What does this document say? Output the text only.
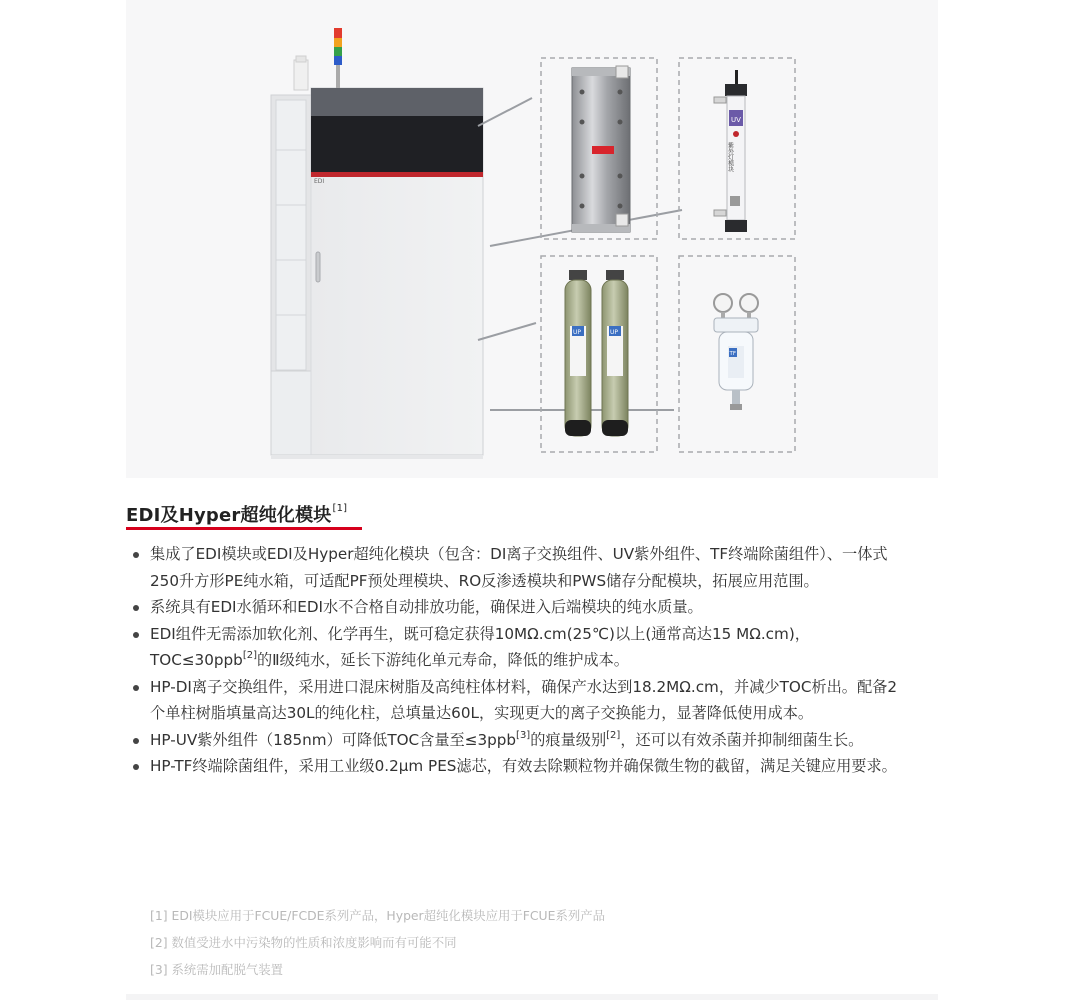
EDI
UV
紫外灯模块
UP	UP
TF
EDI及Hyper超纯化模块[1]
集成了EDI模块或EDI及Hyper超纯化模块（包含：DI离子交换组件、UV紫外组件、TF终端除菌组件）、一体式250升方形PE纯水箱，可适配PF预处理模块、RO反渗透模块和PWS储存分配模块，拓展应用范围。
系统具有EDI水循环和EDI水不合格自动排放功能，确保进入后端模块的纯水质量。
EDI组件无需添加软化剂、化学再生，既可稳定获得10MΩ.cm(25℃)以上(通常高达15 MΩ.cm)，TOC≤30ppb[2]的Ⅱ级纯水，延长下游纯化单元寿命，降低的维护成本。
HP-DI离子交换组件，采用进口混床树脂及高纯柱体材料，确保产水达到18.2MΩ.cm，并减少TOC析出。配备2个单柱树脂填量高达30L的纯化柱，总填量达60L，实现更大的离子交换能力，显著降低使用成本。
HP-UV紫外组件（185nm）可降低TOC含量至≤3ppb[3]的痕量级别[2]，还可以有效杀菌并抑制细菌生长。
HP-TF终端除菌组件，采用工业级0.2μm PES滤芯，有效去除颗粒物并确保微生物的截留，满足关键应用要求。
[1] EDI模块应用于FCUE/FCDE系列产品，Hyper超纯化模块应用于FCUE系列产品
[2] 数值受进水中污染物的性质和浓度影响而有可能不同
[3] 系统需加配脱气装置
